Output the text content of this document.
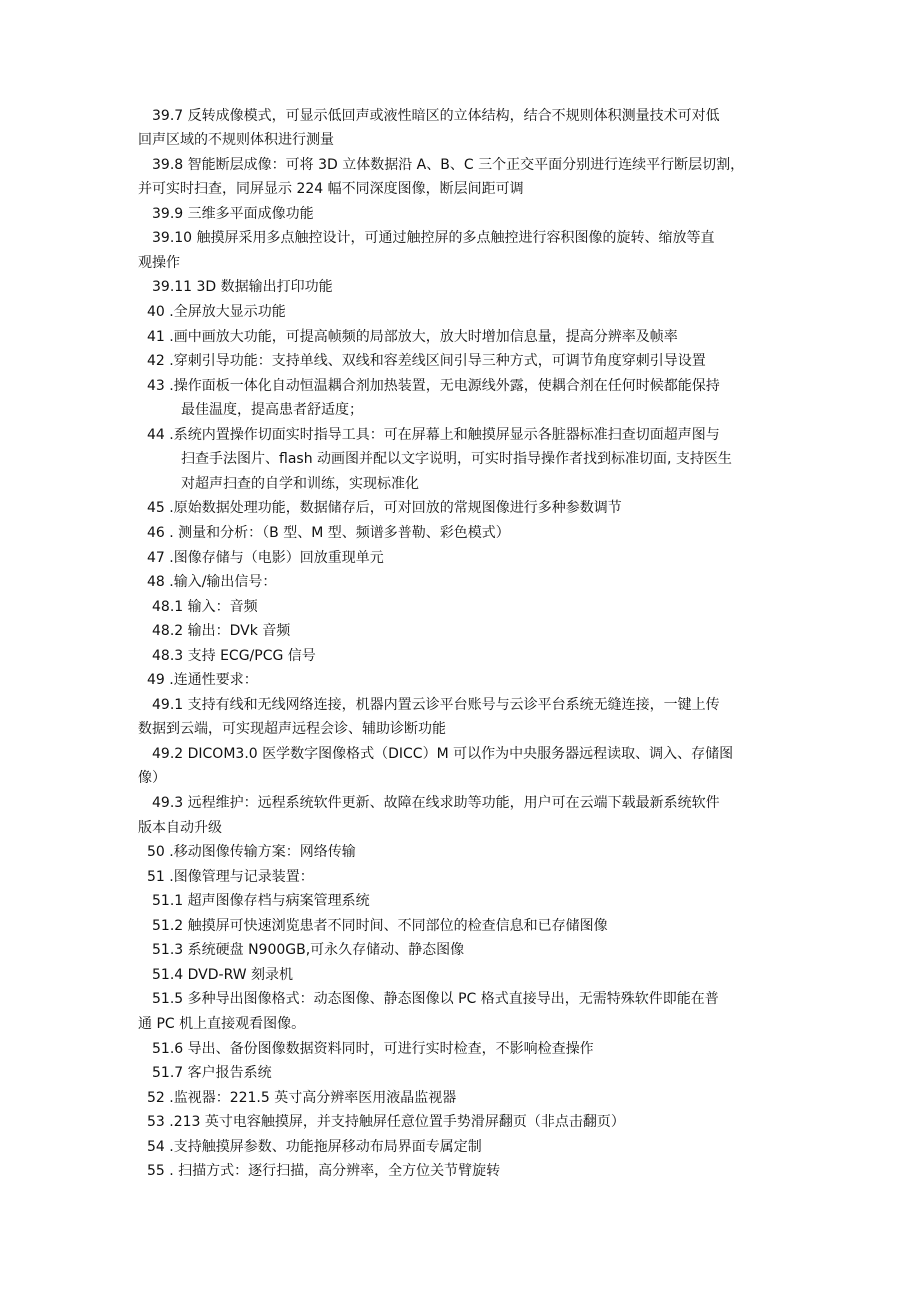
39.7 反转成像模式，可显示低回声或液性暗区的立体结构，结合不规则体积测量技术可对低
回声区域的不规则体积进行测量
39.8 智能断层成像：可将 3D 立体数据沿 A、B、C 三个正交平面分别进行连续平行断层切割，
并可实时扫查，同屏显示 224 幅不同深度图像，断层间距可调
39.9 三维多平面成像功能
39.10 触摸屏采用多点触控设计，可通过触控屏的多点触控进行容积图像的旋转、缩放等直
观操作
39.11 3D 数据输出打印功能
40 .全屏放大显示功能
41 .画中画放大功能，可提高帧频的局部放大，放大时增加信息量，提高分辨率及帧率
42 .穿刺引导功能：支持单线、双线和容差线区间引导三种方式，可调节角度穿刺引导设置
43 .操作面板一体化自动恒温耦合剂加热装置，无电源线外露，使耦合剂在任何时候都能保持
最佳温度，提高患者舒适度；
44 .系统内置操作切面实时指导工具：可在屏幕上和触摸屏显示各脏器标准扫查切面超声图与
扫查手法图片、flash 动画图并配以文字说明，可实时指导操作者找到标准切面, 支持医生
对超声扫查的自学和训练，实现标准化
45 .原始数据处理功能，数据储存后，可对回放的常规图像进行多种参数调节
46 . 测量和分析：（B 型、M 型、频谱多普勒、彩色模式）
47 .图像存储与（电影）回放重现单元
48 .输入/输出信号：
48.1 输入：音频
48.2 输出：DVk 音频
48.3 支持 ECG/PCG 信号
49 .连通性要求：
49.1 支持有线和无线网络连接，机器内置云诊平台账号与云诊平台系统无缝连接，一键上传
数据到云端，可实现超声远程会诊、辅助诊断功能
49.2 DICOM3.0 医学数字图像格式（DICC）M 可以作为中央服务器远程读取、调入、存储图
像）
49.3 远程维护：远程系统软件更新、故障在线求助等功能，用户可在云端下载最新系统软件
版本自动升级
50 .移动图像传输方案：网络传输
51 .图像管理与记录装置：
51.1 超声图像存档与病案管理系统
51.2 触摸屏可快速浏览患者不同时间、不同部位的检查信息和已存储图像
51.3 系统硬盘 N900GB,可永久存储动、静态图像
51.4 DVD-RW 刻录机
51.5 多种导出图像格式：动态图像、静态图像以 PC 格式直接导出，无需特殊软件即能在普
通 PC 机上直接观看图像。
51.6 导出、备份图像数据资料同时，可进行实时检查，不影响检查操作
51.7 客户报告系统
52 .监视器：221.5 英寸高分辨率医用液晶监视器
53 .213 英寸电容触摸屏，并支持触屏任意位置手势滑屏翻页（非点击翻页）
54 .支持触摸屏参数、功能拖屏移动布局界面专属定制
55 . 扫描方式：逐行扫描，高分辨率，全方位关节臂旋转
